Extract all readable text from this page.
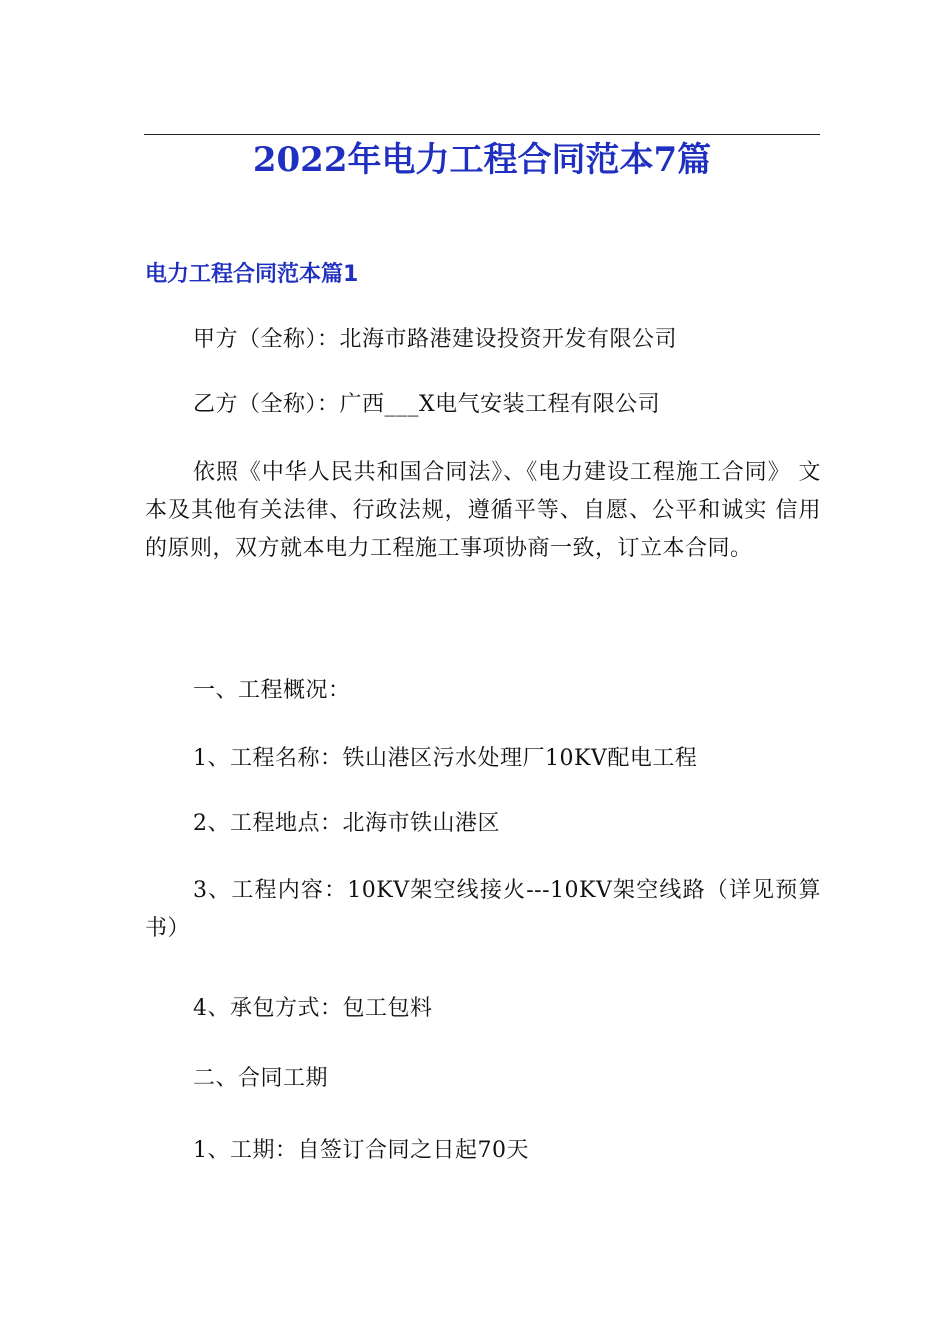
2022年电力工程合同范本7篇
电力工程合同范本篇1

甲方（全称）：北海市路港建设投资开发有限公司

乙方（全称）：广西___X电气安装工程有限公司

依照《中华人民共和国合同法》、《电力建设工程施工合同》 文本及其他有关法律、行政法规，遵循平等、自愿、公平和诚实 信用的原则，双方就本电力工程施工事项协商一致，订立本合同。

一、工程概况：

1、工程名称：铁山港区污水处理厂10KV配电工程

2、工程地点：北海市铁山港区

3、工程内容：10KV架空线接火---10KV架空线路（详见预算书）

4、承包方式：包工包料

二、合同工期

1、工期：自签订合同之日起70天
